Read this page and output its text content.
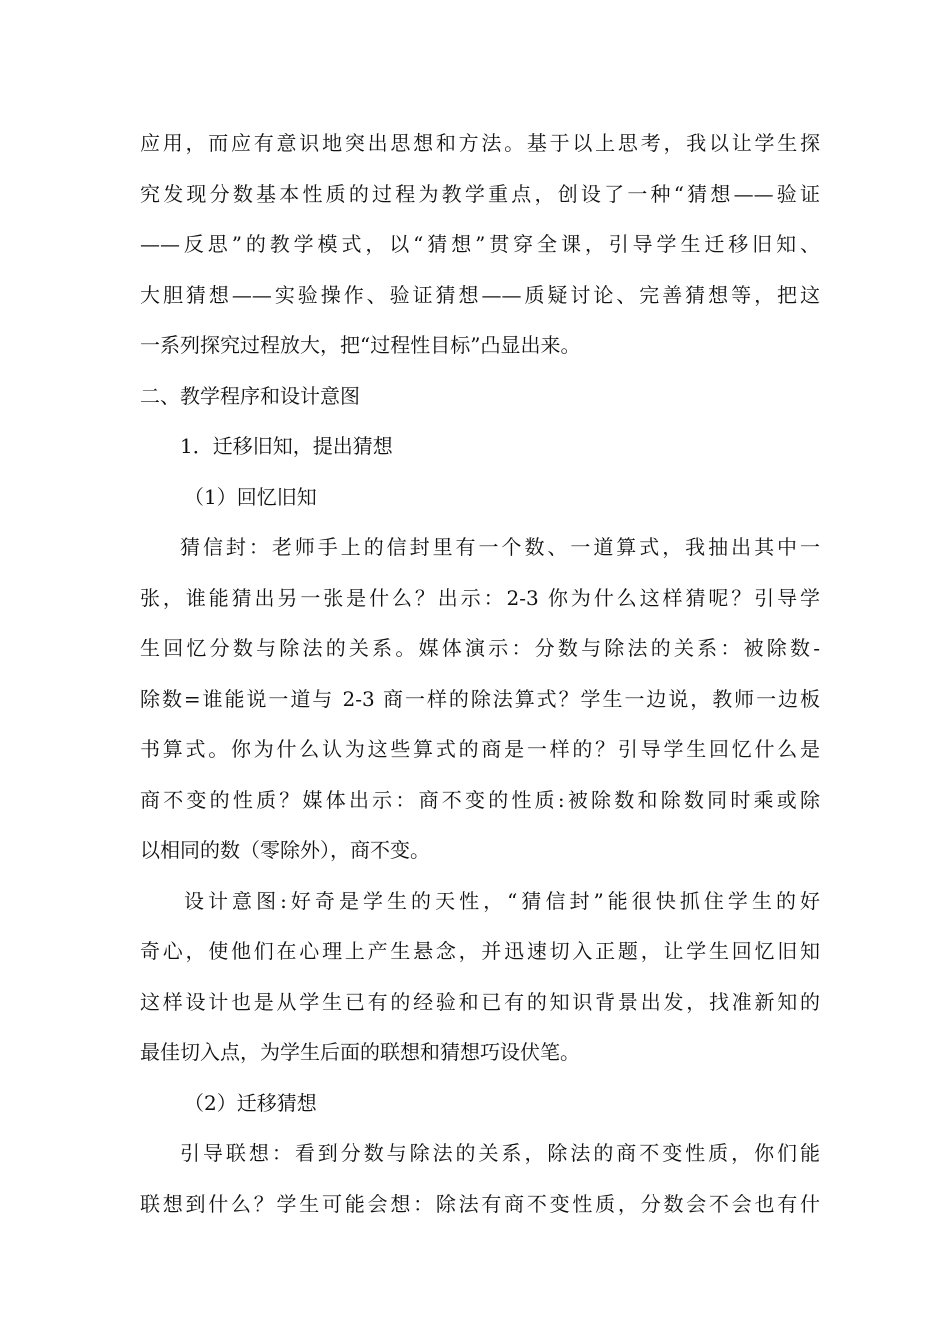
应用，而应有意识地突出思想和方法。基于以上思考，我以让学生探
究发现分数基本性质的过程为教学重点，创设了一种“猜想——验证
——反思”的教学模式，以“猜想”贯穿全课，引导学生迁移旧知、
大胆猜想——实验操作、验证猜想——质疑讨论、完善猜想等，把这
一系列探究过程放大，把“过程性目标”凸显出来。
二、教学程序和设计意图
1．迁移旧知，提出猜想
（1）回忆旧知
猜信封：老师手上的信封里有一个数、一道算式，我抽出其中一
张，谁能猜出另一张是什么？出示：2-3 你为什么这样猜呢？引导学
生回忆分数与除法的关系。媒体演示：分数与除法的关系：被除数-
除数=谁能说一道与 2-3 商一样的除法算式？学生一边说，教师一边板
书算式。你为什么认为这些算式的商是一样的？引导学生回忆什么是
商不变的性质？媒体出示：商不变的性质:被除数和除数同时乘或除
以相同的数（零除外），商不变。
设计意图:好奇是学生的天性，“猜信封”能很快抓住学生的好
奇心，使他们在心理上产生悬念，并迅速切入正题，让学生回忆旧知
这样设计也是从学生已有的经验和已有的知识背景出发，找准新知的
最佳切入点，为学生后面的联想和猜想巧设伏笔。
（2）迁移猜想
引导联想：看到分数与除法的关系，除法的商不变性质，你们能
联想到什么？学生可能会想：除法有商不变性质，分数会不会也有什
